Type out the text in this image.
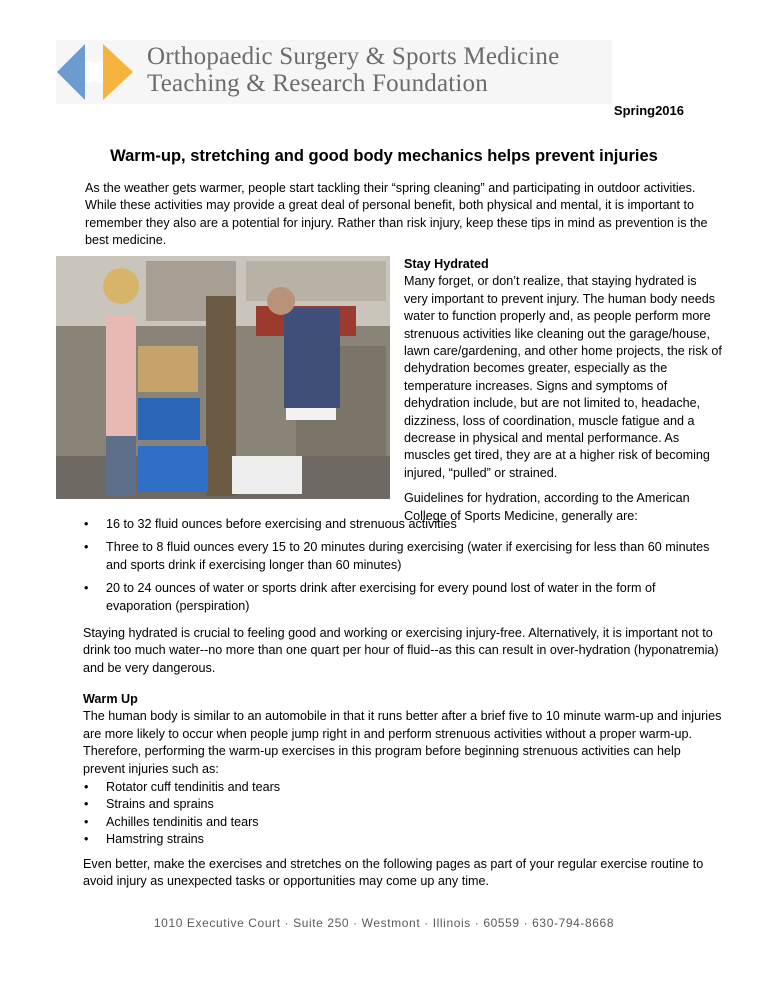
Orthopaedic Surgery & Sports Medicine
Teaching & Research Foundation
Spring2016
Warm-up, stretching and good body mechanics helps prevent injuries
As the weather gets warmer, people start tackling their “spring cleaning” and participating in outdoor activities. While these activities may provide a great deal of personal benefit, both physical and mental, it is important to remember they also are a potential for injury. Rather than risk injury, keep these tips in mind as prevention is the best medicine.
Stay Hydrated
Many forget, or don’t realize, that staying hydrated is very important to prevent injury. The human body needs water to function properly and, as people perform more strenuous activities like cleaning out the garage/house, lawn care/gardening, and other home projects, the risk of dehydration becomes greater, especially as the temperature increases. Signs and symptoms of dehydration include, but are not limited to, headache, dizziness, loss of coordination, muscle fatigue and a decrease in physical and mental performance. As muscles get tired, they are at a higher risk of becoming injured, “pulled” or strained.
Guidelines for hydration, according to the American College of Sports Medicine, generally are:
• 16 to 32 fluid ounces before exercising and strenuous activities
• Three to 8 fluid ounces every 15 to 20 minutes during exercising (water if exercising for less than 60 minutes and sports drink if exercising longer than 60 minutes)
• 20 to 24 ounces of water or sports drink after exercising for every pound lost of water in the form of evaporation (perspiration)
Staying hydrated is crucial to feeling good and working or exercising injury-free. Alternatively, it is important not to drink too much water--no more than one quart per hour of fluid--as this can result in over-hydration (hyponatremia) and be very dangerous.
Warm Up
The human body is similar to an automobile in that it runs better after a brief five to 10 minute warm-up and injuries are more likely to occur when people jump right in and perform strenuous activities without a proper warm-up. Therefore, performing the warm-up exercises in this program before beginning strenuous activities can help prevent injuries such as:
• Rotator cuff tendinitis and tears
• Strains and sprains
• Achilles tendinitis and tears
• Hamstring strains
Even better, make the exercises and stretches on the following pages as part of your regular exercise routine to avoid injury as unexpected tasks or opportunities may come up any time.
1010 Executive Court · Suite 250 · Westmont · Illinois · 60559 · 630-794-8668
